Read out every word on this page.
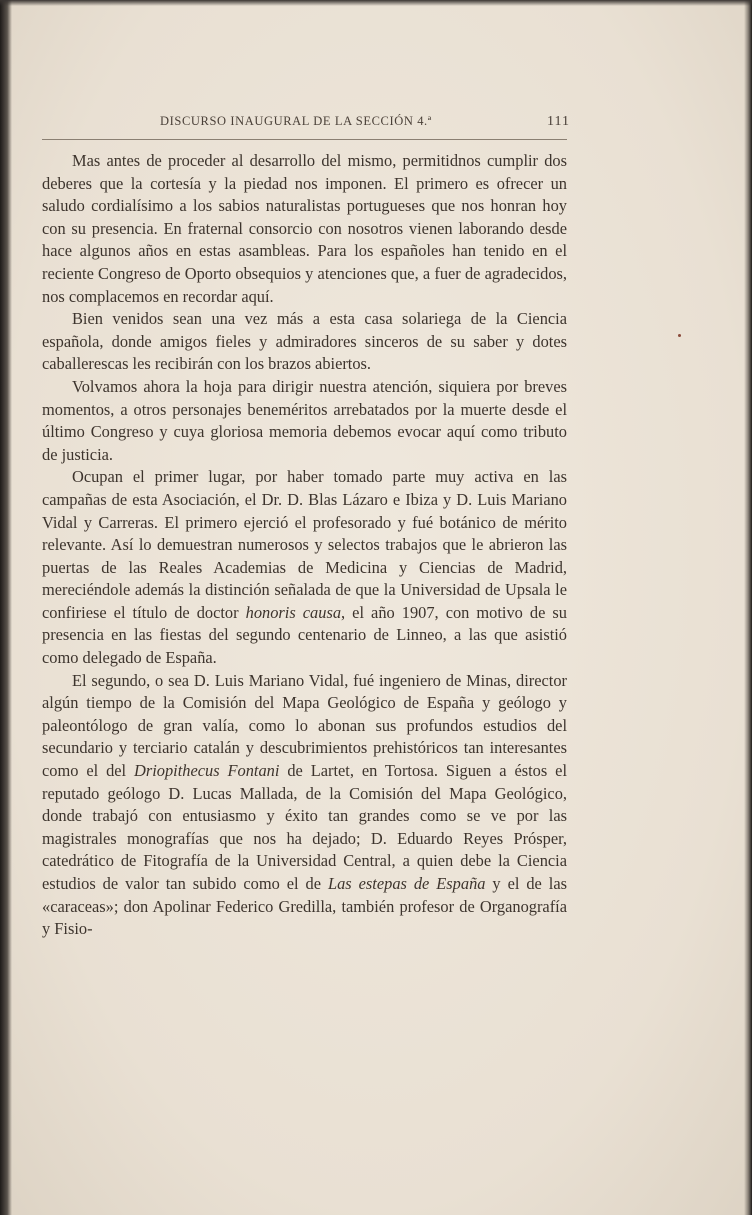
DISCURSO INAUGURAL DE LA SECCIÓN 4.ª	111

Mas antes de proceder al desarrollo del mismo, permitidnos cumplir dos deberes que la cortesía y la piedad nos imponen. El primero es ofrecer un saludo cordialísimo a los sabios naturalistas portugueses que nos honran hoy con su presencia. En fraternal consorcio con nosotros vienen laborando desde hace algunos años en estas asambleas. Para los españoles han tenido en el reciente Congreso de Oporto obsequios y atenciones que, a fuer de agradecidos, nos complacemos en recordar aquí.

Bien venidos sean una vez más a esta casa solariega de la Ciencia española, donde amigos fieles y admiradores sinceros de su saber y dotes caballerescas les recibirán con los brazos abiertos.

Volvamos ahora la hoja para dirigir nuestra atención, siquiera por breves momentos, a otros personajes beneméritos arrebatados por la muerte desde el último Congreso y cuya gloriosa memoria debemos evocar aquí como tributo de justicia.

Ocupan el primer lugar, por haber tomado parte muy activa en las campañas de esta Asociación, el Dr. D. Blas Lázaro e Ibiza y D. Luis Mariano Vidal y Carreras. El primero ejerció el profesorado y fué botánico de mérito relevante. Así lo demuestran numerosos y selectos trabajos que le abrieron las puertas de las Reales Academias de Medicina y Ciencias de Madrid, mereciéndole además la distinción señalada de que la Universidad de Upsala le confiriese el título de doctor honoris causa, el año 1907, con motivo de su presencia en las fiestas del segundo centenario de Linneo, a las que asistió como delegado de España.

El segundo, o sea D. Luis Mariano Vidal, fué ingeniero de Minas, director algún tiempo de la Comisión del Mapa Geológico de España y geólogo y paleontólogo de gran valía, como lo abonan sus profundos estudios del secundario y terciario catalán y descubrimientos prehistóricos tan interesantes como el del Driopithecus Fontani de Lartet, en Tortosa. Siguen a éstos el reputado geólogo D. Lucas Mallada, de la Comisión del Mapa Geológico, donde trabajó con entusiasmo y éxito tan grandes como se ve por las magistrales monografías que nos ha dejado; D. Eduardo Reyes Prósper, catedrático de Fitografía de la Universidad Central, a quien debe la Ciencia estudios de valor tan subido como el de Las estepas de España y el de las «caraceas»; don Apolinar Federico Gredilla, también profesor de Organografía y Fisio-
